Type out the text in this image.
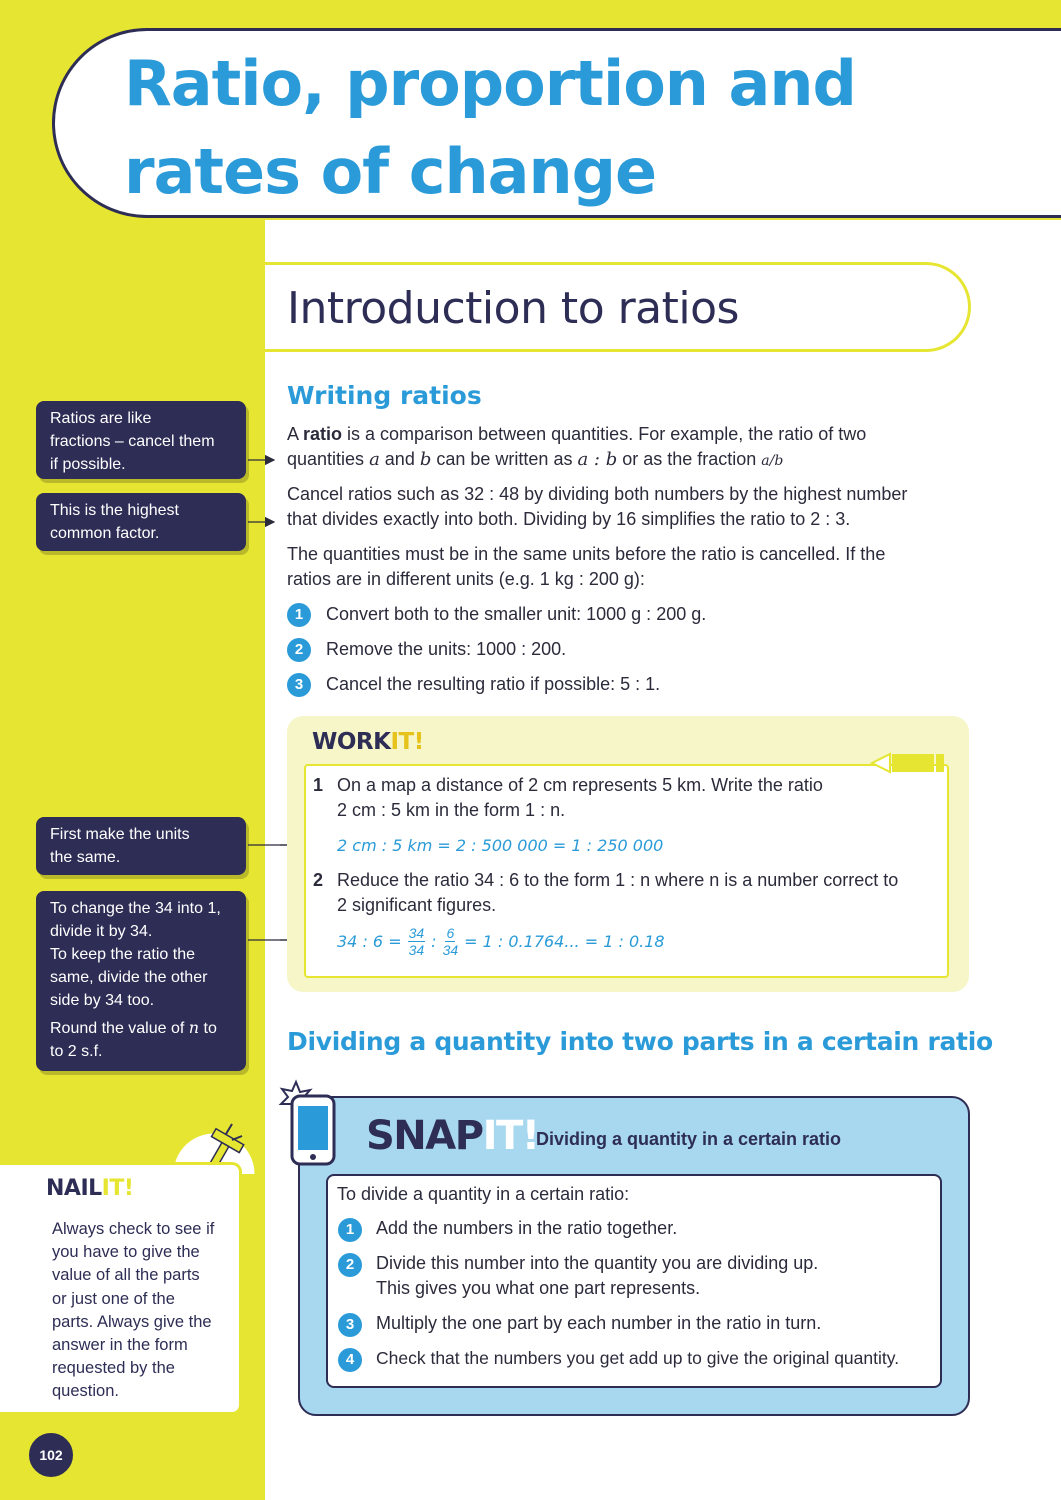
Ratio, proportion and
rates of change
Introduction to ratios
Writing ratios
A ratio is a comparison between quantities. For example, the ratio of two
quantities a and b can be written as a : b or as the fraction a/b
Cancel ratios such as 32 : 48 by dividing both numbers by the highest number
that divides exactly into both. Dividing by 16 simplifies the ratio to 2 : 3.
The quantities must be in the same units before the ratio is cancelled. If the
ratios are in different units (e.g. 1 kg : 200 g):
1	Convert both to the smaller unit: 1000 g : 200 g.
2	Remove the units: 1000 : 200.
3	Cancel the resulting ratio if possible: 5 : 1.
Ratios are like
fractions – cancel them
if possible.
This is the highest
common factor.
First make the units
the same.
To change the 34 into 1,
divide it by 34.
To keep the ratio the
same, divide the other
side by 34 too.
Round the value of n to
to 2 s.f.
WORKIT!
1 On a map a distance of 2 cm represents 5 km. Write the ratio
2 cm : 5 km in the form 1 : n.
2 cm : 5 km = 2 : 500 000 = 1 : 250 000
2 Reduce the ratio 34 : 6 to the form 1 : n where n is a number correct to
2 significant figures.
34 : $6 = \frac{34}{34}$ : $\frac{6}{34} = 1$ : 0.1764... = 1 : 0.18
Dividing a quantity into two parts in a certain ratio
SNAPIT!
Dividing a quantity in a certain ratio
To divide a quantity in a certain ratio:
1	Add the numbers in the ratio together.
2	Divide this number into the quantity you are dividing up.
This gives you what one part represents.
3	Multiply the one part by each number in the ratio in turn.
4	Check that the numbers you get add up to give the original quantity.
NAILIT!
Always check to see if
you have to give the
value of all the parts
or just one of the
parts. Always give the
answer in the form
requested by the
question.
102
